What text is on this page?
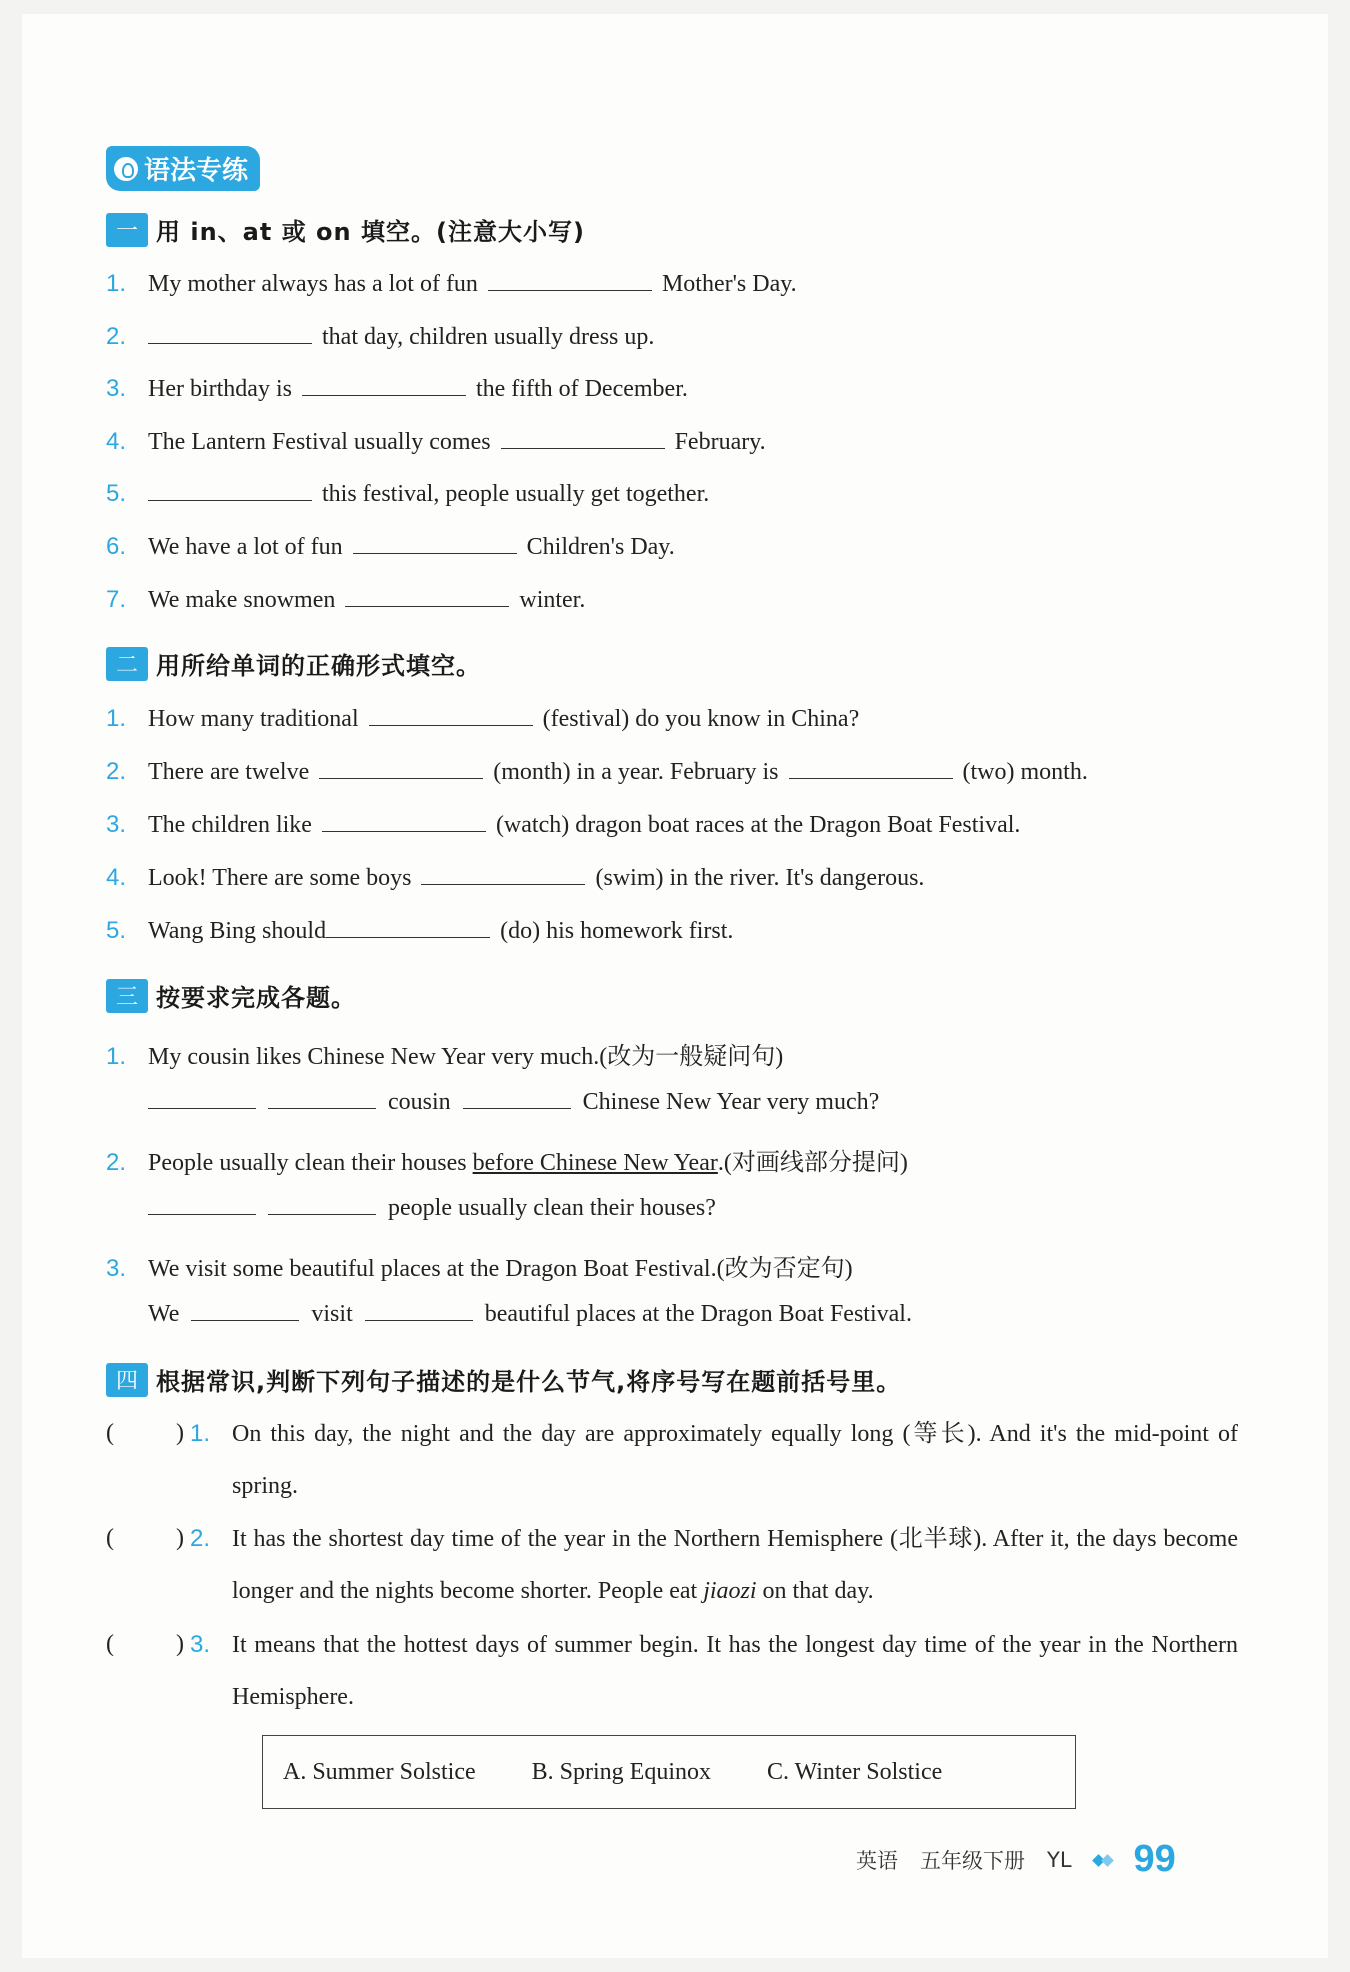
语法专练
一 用 in、at 或 on 填空。(注意大小写)
1. My mother always has a lot of fun	Mother's Day.
2.	that day, children usually dress up.
3. Her birthday is	the fifth of December.
4. The Lantern Festival usually comes	February.
5.	this festival, people usually get together.
6. We have a lot of fun	Children's Day.
7. We make snowmen	winter.
二 用所给单词的正确形式填空。
1. How many traditional	(festival) do you know in China?
2. There are twelve	(month) in a year. February is	(two) month.
3. The children like	(watch) dragon boat races at the Dragon Boat Festival.
4. Look! There are some boys	(swim) in the river. It's dangerous.
5. Wang Bing should	(do) his homework first.
三 按要求完成各题。
1. My cousin likes Chinese New Year very much. (改为一般疑问句)
cousin	Chinese New Year very much?
2. People usually clean their houses
before Chinese New Year . (对画线部分提问)
people usually clean their houses?
3. We visit some beautiful places at the Dragon Boat Festival. (改为否定句)
We	visit	beautiful places at the Dragon Boat Festival.
四 根据常识,判断下列句子描述的是什么节气,将序号写在题前括号里。
(	) 1. On this day, the night and the day are approximately equally long (等长). And it's the mid-point of spring.
(	) 2. It has the shortest day time of the year in the Northern Hemisphere (北半球). After it, the days become longer and the nights become shorter. People eat jiaozi on that day.
(	) 3. It means that the hottest days of summer begin. It has the longest day time of the year in the Northern Hemisphere.
A. Summer Solstice B. Spring Equinox C. Winter Solstice
英语 五年级下册 YL 99
